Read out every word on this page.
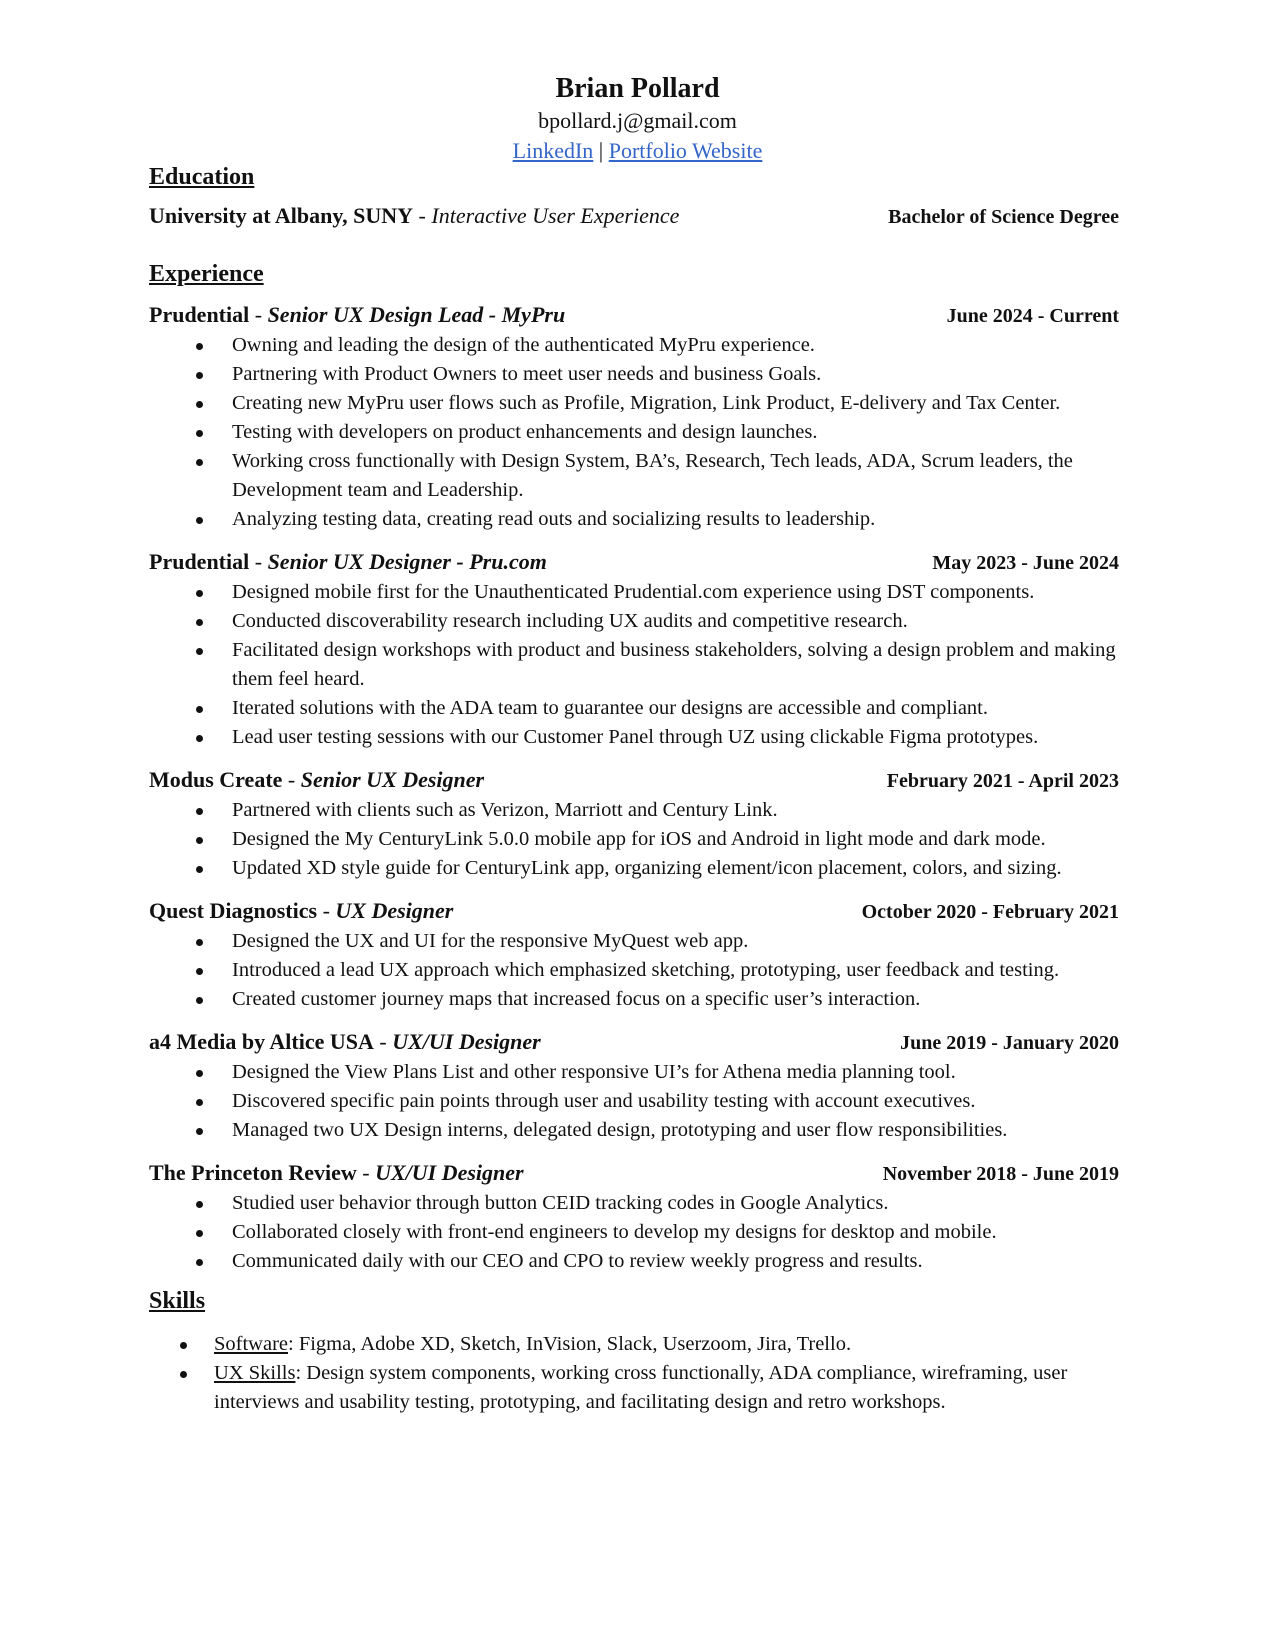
Brian Pollard

bpollard.j@gmail.com

LinkedIn | Portfolio Website

Education

University at Albany, SUNY - Interactive User Experience	Bachelor of Science Degree

Experience

Prudential - Senior UX Design Lead - MyPru	June 2024 - Current
Owning and leading the design of the authenticated MyPru experience.
Partnering with Product Owners to meet user needs and business Goals.
Creating new MyPru user flows such as Profile, Migration, Link Product, E-delivery and Tax Center.
Testing with developers on product enhancements and design launches.
Working cross functionally with Design System, BA’s, Research, Tech leads, ADA, Scrum leaders, the Development team and Leadership.
Analyzing testing data, creating read outs and socializing results to leadership.
Prudential - Senior UX Designer - Pru.com	May 2023 - June 2024
Designed mobile first for the Unauthenticated Prudential.com experience using DST components.
Conducted discoverability research including UX audits and competitive research.
Facilitated design workshops with product and business stakeholders, solving a design problem and making them feel heard.
Iterated solutions with the ADA team to guarantee our designs are accessible and compliant.
Lead user testing sessions with our Customer Panel through UZ using clickable Figma prototypes.
Modus Create - Senior UX Designer	February 2021 - April 2023
Partnered with clients such as Verizon, Marriott and Century Link.
Designed the My CenturyLink 5.0.0 mobile app for iOS and Android in light mode and dark mode.
Updated XD style guide for CenturyLink app, organizing element/icon placement, colors, and sizing.
Quest Diagnostics - UX Designer	October 2020 - February 2021
Designed the UX and UI for the responsive MyQuest web app.
Introduced a lead UX approach which emphasized sketching, prototyping, user feedback and testing.
Created customer journey maps that increased focus on a specific user’s interaction.
a4 Media by Altice USA - UX/UI Designer	June 2019 - January 2020
Designed the View Plans List and other responsive UI’s for Athena media planning tool.
Discovered specific pain points through user and usability testing with account executives.
Managed two UX Design interns, delegated design, prototyping and user flow responsibilities.
The Princeton Review - UX/UI Designer	November 2018 - June 2019
Studied user behavior through button CEID tracking codes in Google Analytics.
Collaborated closely with front-end engineers to develop my designs for desktop and mobile.
Communicated daily with our CEO and CPO to review weekly progress and results.

Skills

Software: Figma, Adobe XD, Sketch, InVision, Slack, Userzoom, Jira, Trello.
UX Skills: Design system components, working cross functionally, ADA compliance, wireframing, user interviews and usability testing, prototyping, and facilitating design and retro workshops.
